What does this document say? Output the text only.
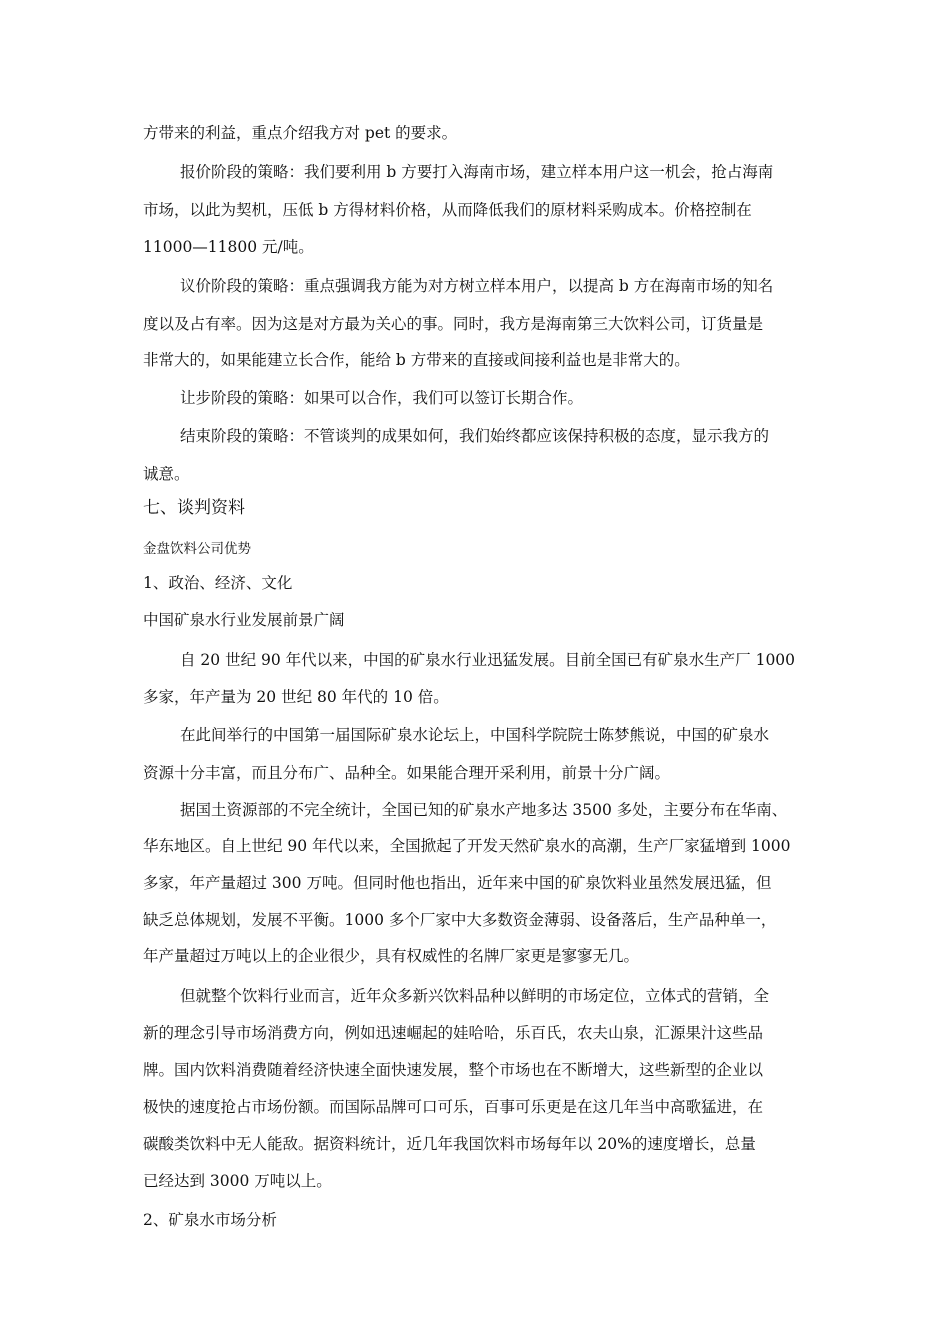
方带来的利益，重点介绍我方对 pet 的要求。
报价阶段的策略：我们要利用 b 方要打入海南市场，建立样本用户这一机会，抢占海南
市场，以此为契机，压低 b 方得材料价格，从而降低我们的原材料采购成本。价格控制在
11000—11800 元/吨。
议价阶段的策略：重点强调我方能为对方树立样本用户，以提高 b 方在海南市场的知名
度以及占有率。因为这是对方最为关心的事。同时，我方是海南第三大饮料公司，订货量是
非常大的，如果能建立长合作，能给 b 方带来的直接或间接利益也是非常大的。
让步阶段的策略：如果可以合作，我们可以签订长期合作。
结束阶段的策略：不管谈判的成果如何，我们始终都应该保持积极的态度，显示我方的
诚意。
七、谈判资料
金盘饮料公司优势
1、政治、经济、文化
中国矿泉水行业发展前景广阔
自 20 世纪 90 年代以来，中国的矿泉水行业迅猛发展。目前全国已有矿泉水生产厂 1000
多家，年产量为 20 世纪 80 年代的 10 倍。
在此间举行的中国第一届国际矿泉水论坛上，中国科学院院士陈梦熊说，中国的矿泉水
资源十分丰富，而且分布广、品种全。如果能合理开采利用，前景十分广阔。
据国土资源部的不完全统计，全国已知的矿泉水产地多达 3500 多处，主要分布在华南、
华东地区。自上世纪 90 年代以来，全国掀起了开发天然矿泉水的高潮，生产厂家猛增到 1000
多家，年产量超过 300 万吨。但同时他也指出，近年来中国的矿泉饮料业虽然发展迅猛，但
缺乏总体规划，发展不平衡。1000 多个厂家中大多数资金薄弱、设备落后，生产品种单一，
年产量超过万吨以上的企业很少，具有权威性的名牌厂家更是寥寥无几。
但就整个饮料行业而言，近年众多新兴饮料品种以鲜明的市场定位，立体式的营销，全
新的理念引导市场消费方向，例如迅速崛起的娃哈哈，乐百氏，农夫山泉，汇源果汁这些品
牌。国内饮料消费随着经济快速全面快速发展，整个市场也在不断增大，这些新型的企业以
极快的速度抢占市场份额。而国际品牌可口可乐，百事可乐更是在这几年当中高歌猛进，在
碳酸类饮料中无人能敌。据资料统计，近几年我国饮料市场每年以 20%的速度增长，总量
已经达到 3000 万吨以上。
2、矿泉水市场分析
